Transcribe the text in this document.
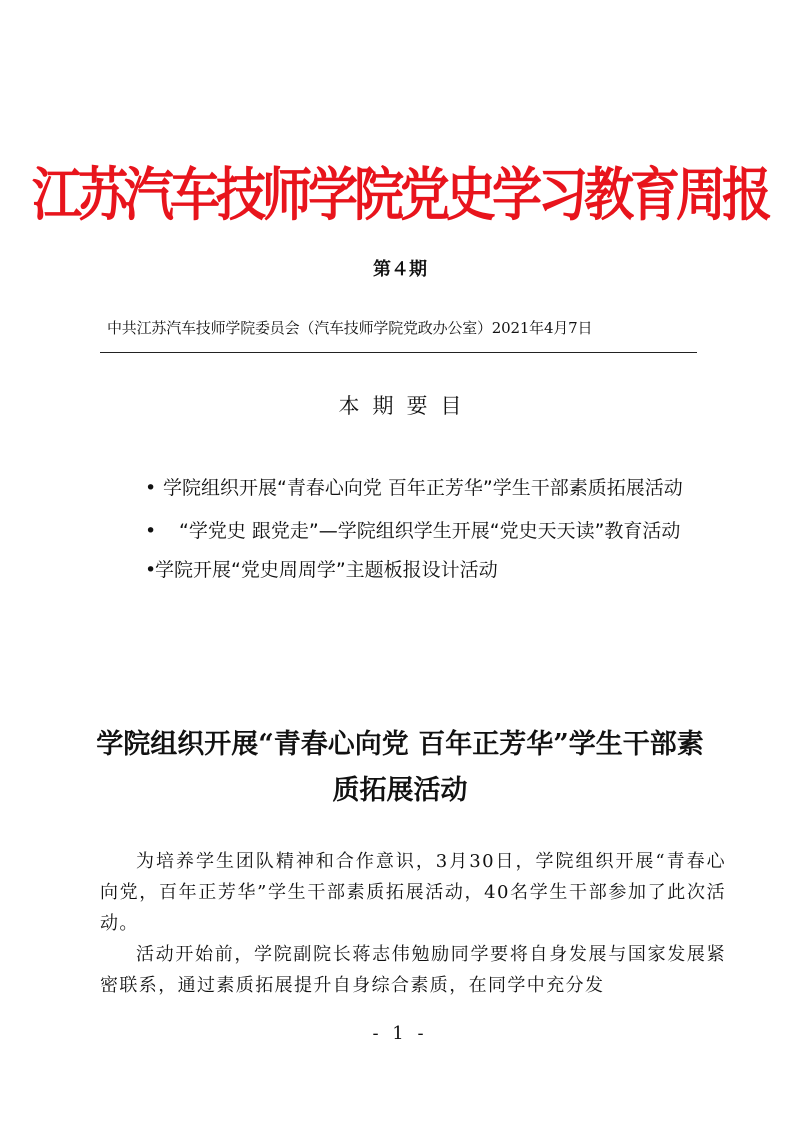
江苏汽车技师学院党史学习教育周报
第４期
中共江苏汽车技师学院委员会（汽车技师学院党政办公室）2021年4月7日
本期要目
• 学院组织开展“青春心向党 百年正芳华”学生干部素质拓展活动
• “学党史 跟党走”—学院组织学生开展“党史天天读”教育活动
•
学院开展“党史周周学”主题板报设计活动
学院组织开展“青春心向党 百年正芳华”学生干部素质拓展活动

为培养学生团队精神和合作意识，3月30日，学院组织开展“青春心向党，百年正芳华”学生干部素质拓展活动，40名学生干部参加了此次活动。

活动开始前，学院副院长蒋志伟勉励同学要将自身发展与国家发展紧密联系，通过素质拓展提升自身综合素质，在同学中充分发

- 1 -
